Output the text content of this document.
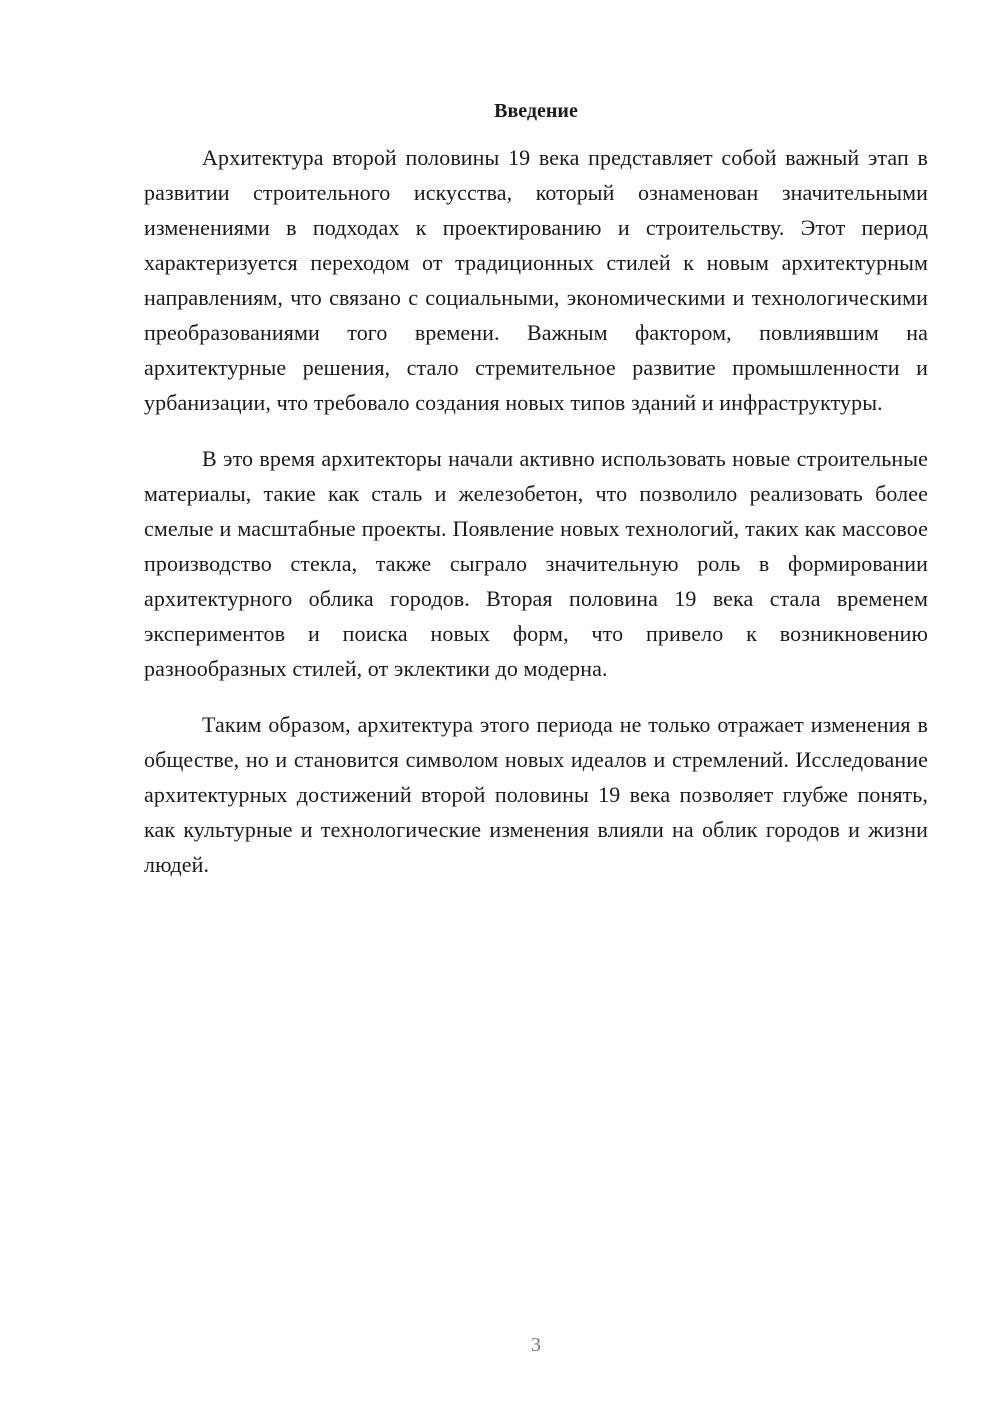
Введение

Архитектура второй половины 19 века представляет собой важный этап в развитии строительного искусства, который ознаменован значительными изменениями в подходах к проектированию и строительству. Этот период характеризуется переходом от традиционных стилей к новым архитектурным направлениям, что связано с социальными, экономическими и технологическими преобразованиями того времени. Важным фактором, повлиявшим на архитектурные решения, стало стремительное развитие промышленности и урбанизации, что требовало создания новых типов зданий и инфраструктуры.

В это время архитекторы начали активно использовать новые строительные материалы, такие как сталь и железобетон, что позволило реализовать более смелые и масштабные проекты. Появление новых технологий, таких как массовое производство стекла, также сыграло значительную роль в формировании архитектурного облика городов. Вторая половина 19 века стала временем экспериментов и поиска новых форм, что привело к возникновению разнообразных стилей, от эклектики до модерна.

Таким образом, архитектура этого периода не только отражает изменения в обществе, но и становится символом новых идеалов и стремлений. Исследование архитектурных достижений второй половины 19 века позволяет глубже понять, как культурные и технологические изменения влияли на облик городов и жизни людей.

3
